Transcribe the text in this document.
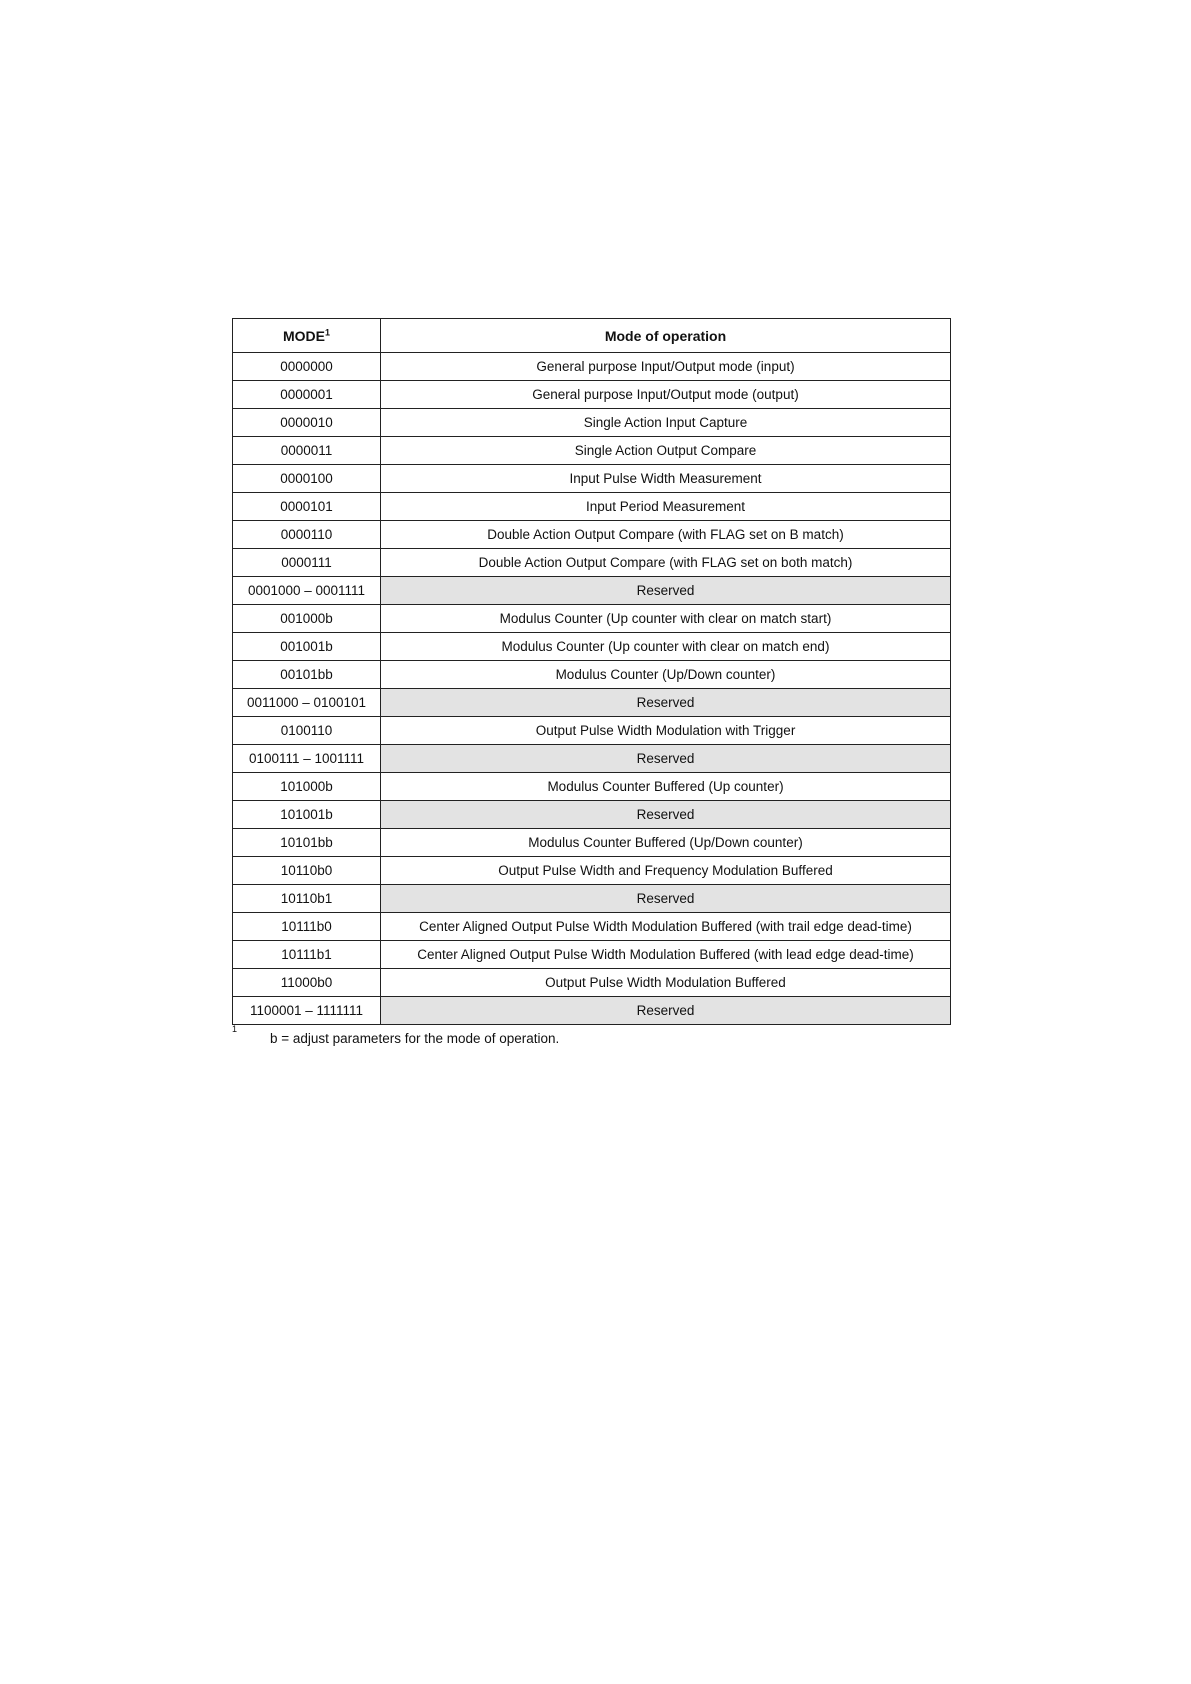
MODE$^1$	Mode of operation
0000000	General purpose Input/Output mode (input)
0000001	General purpose Input/Output mode (output)
0000010	Single Action Input Capture
0000011	Single Action Output Compare
0000100	Input Pulse Width Measurement
0000101	Input Period Measurement
0000110	Double Action Output Compare (with FLAG set on B match)
0000111	Double Action Output Compare (with FLAG set on both match)
0001000 – 0001111	Reserved
001000b	Modulus Counter (Up counter with clear on match start)
001001b	Modulus Counter (Up counter with clear on match end)
00101bb	Modulus Counter (Up/Down counter)
0011000 – 0100101	Reserved
0100110	Output Pulse Width Modulation with Trigger
0100111 – 1001111	Reserved
101000b	Modulus Counter Buffered (Up counter)
101001b	Reserved
10101bb	Modulus Counter Buffered (Up/Down counter)
10110b0	Output Pulse Width and Frequency Modulation Buffered
10110b1	Reserved
10111b0	Center Aligned Output Pulse Width Modulation Buffered (with trail edge dead-time)
10111b1	Center Aligned Output Pulse Width Modulation Buffered (with lead edge dead-time)
11000b0	Output Pulse Width Modulation Buffered
1100001 – 1111111	Reserved
1
b = adjust parameters for the mode of operation.
